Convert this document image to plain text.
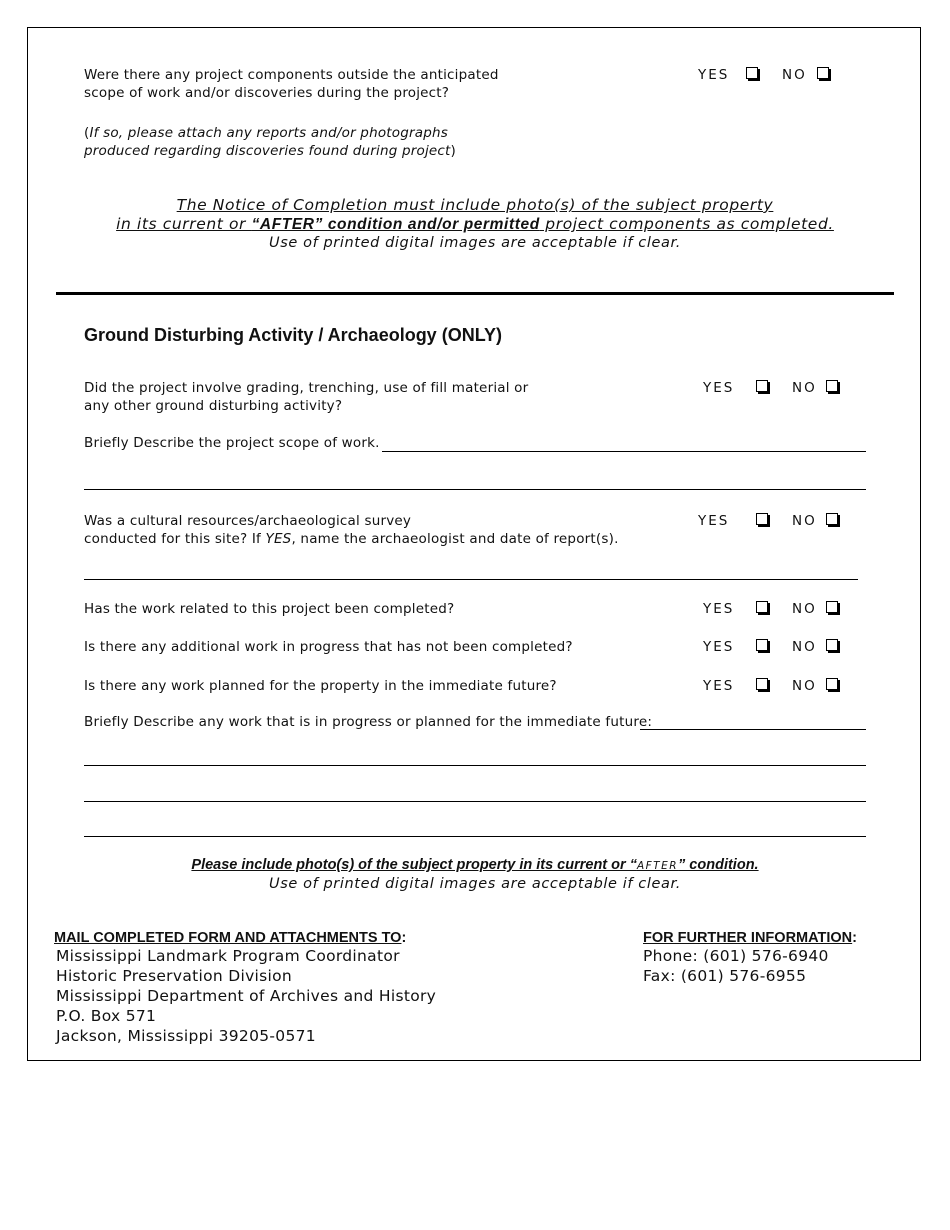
Were there any project components outside the anticipated
scope of work and/or discoveries during the project?
YES	NO
(If so, please attach any reports and/or photographs
produced regarding discoveries found during project)
The Notice of Completion must include photo(s) of the subject property
in its current or “AFTER” condition and/or permitted project components as completed.
Use of printed digital images are acceptable if clear.
Ground Disturbing Activity / Archaeology (ONLY)
Did the project involve grading, trenching, use of fill material or
any other ground disturbing activity?
YES	NO
Briefly Describe the project scope of work.
Was a cultural resources/archaeological survey
conducted for this site? If YES, name the archaeologist and date of report(s).
YES	NO
Has the work related to this project been completed?	YES	NO
Is there any additional work in progress that has not been completed?	YES	NO
Is there any work planned for the property in the immediate future?	YES	NO
Briefly Describe any work that is in progress or planned for the immediate future:
Please include photo(s) of the subject property in its current or “AFTER” condition.
Use of printed digital images are acceptable if clear.
MAIL COMPLETED FORM AND ATTACHMENTS TO:
Mississippi Landmark Program Coordinator
Historic Preservation Division
Mississippi Department of Archives and History
P.O. Box 571
Jackson, Mississippi 39205-0571
FOR FURTHER INFORMATION:
Phone: (601) 576-6940
Fax: (601) 576-6955
